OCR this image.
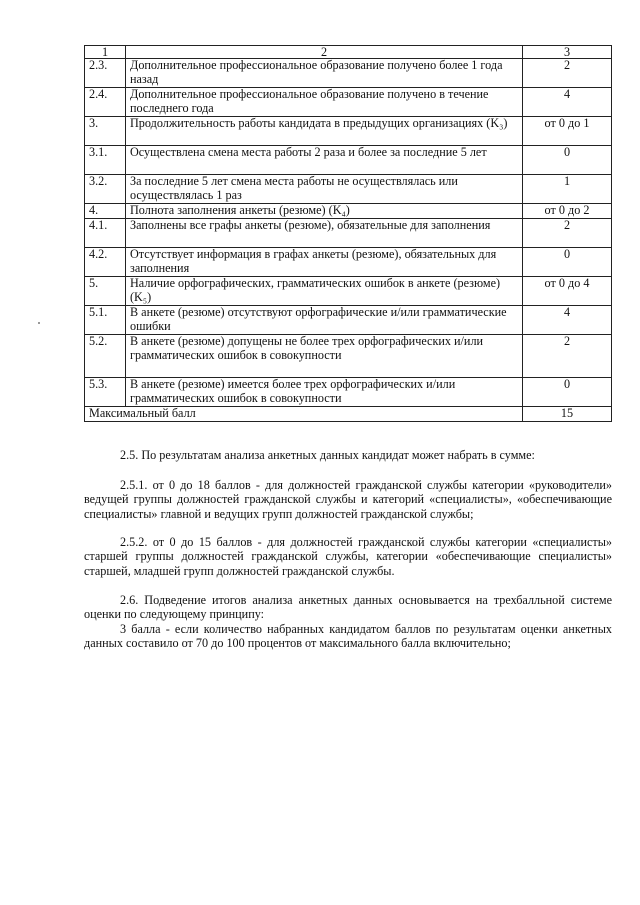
1	2	3
2.3.	Дополнительное профессиональное образование получено более 1 года назад	2
2.4.	Дополнительное профессиональное образование получено в течение последнего года	4
3.	Продолжительность работы кандидата в предыдущих организациях (K₃)	от 0 до 1
3.1.	Осуществлена смена места работы 2 раза и более за последние 5 лет	0
3.2.	За последние 5 лет смена места работы не осуществлялась или осуществлялась 1 раз	1
4.	Полнота заполнения анкеты (резюме) (K₄)	от 0 до 2
4.1.	Заполнены все графы анкеты (резюме), обязательные для заполнения	2
4.2.	Отсутствует информация в графах анкеты (резюме), обязательных для заполнения	0
5.	Наличие орфографических, грамматических ошибок в анкете (резюме) (K₅)	от 0 до 4
5.1.	В анкете (резюме) отсутствуют орфографические и/или грамматические ошибки	4
5.2.	В анкете (резюме) допущены не более трех орфографических и/или грамматических ошибок в совокупности	2
5.3.	В анкете (резюме) имеется более трех орфографических и/или грамматических ошибок в совокупности	0
Максимальный балл		15

2.5. По результатам анализа анкетных данных кандидат может набрать в сумме:

2.5.1. от 0 до 18 баллов - для должностей гражданской службы категории «руководители» ведущей группы должностей гражданской службы и категорий «специалисты», «обеспечивающие специалисты» главной и ведущих групп должностей гражданской службы;

2.5.2. от 0 до 15 баллов - для должностей гражданской службы категории «специалисты» старшей группы должностей гражданской службы, категории «обеспечивающие специалисты» старшей, младшей групп должностей гражданской службы.

2.6. Подведение итогов анализа анкетных данных основывается на трехбалльной системе оценки по следующему принципу:

3 балла - если количество набранных кандидатом баллов по результатам оценки анкетных данных составило от 70 до 100 процентов от максимального балла включительно;
